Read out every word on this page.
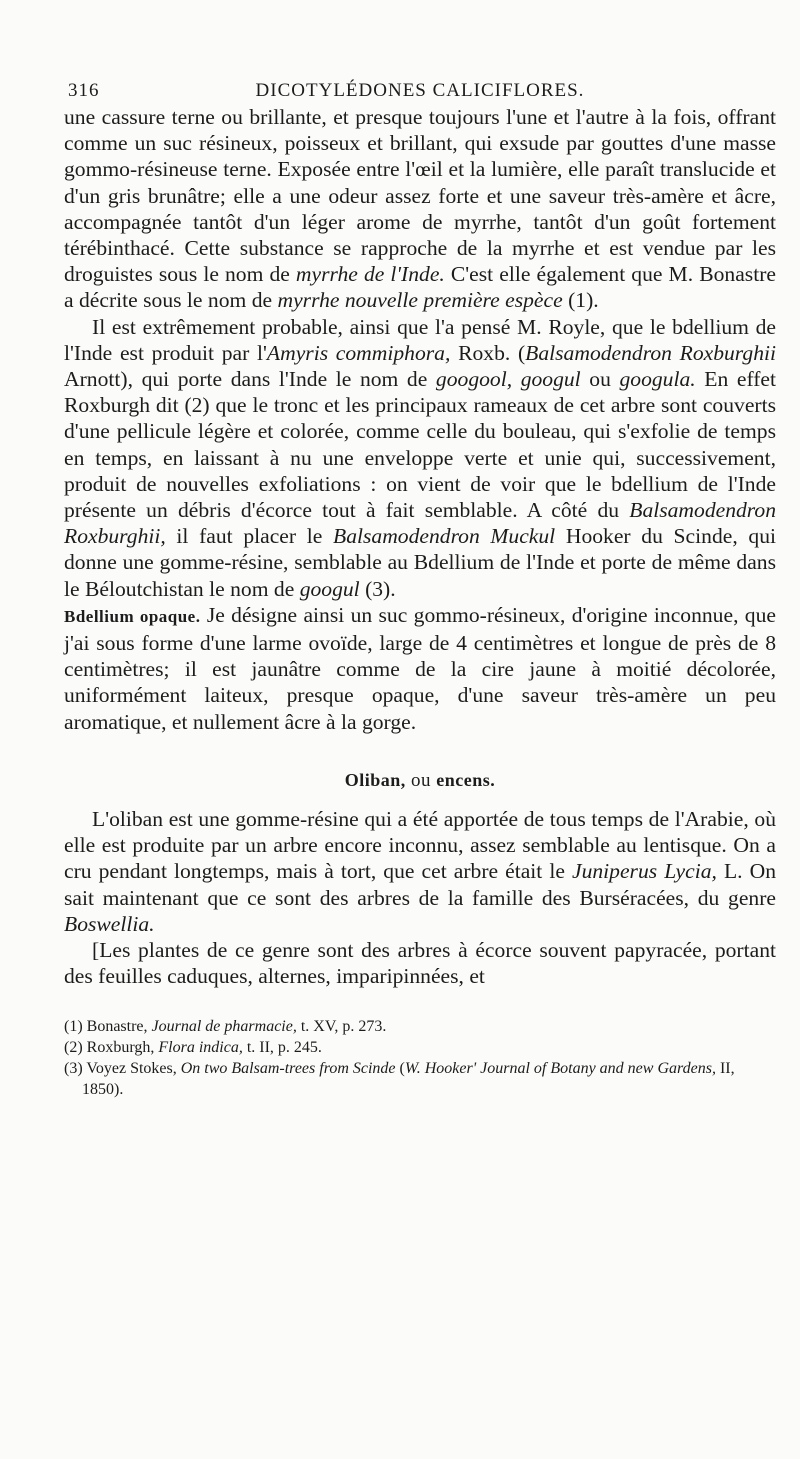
316	DICOTYLÉDONES CALICIFLORES.

une cassure terne ou brillante, et presque toujours l'une et l'autre à la fois, offrant comme un suc résineux, poisseux et brillant, qui exsude par gouttes d'une masse gommo-résineuse terne. Exposée entre l'œil et la lumière, elle paraît translucide et d'un gris brunâtre; elle a une odeur assez forte et une saveur très-amère et âcre, accompagnée tantôt d'un léger arome de myrrhe, tantôt d'un goût fortement térébinthacé. Cette substance se rapproche de la myrrhe et est vendue par les droguistes sous le nom de myrrhe de l'Inde. C'est elle également que M. Bonastre a décrite sous le nom de myrrhe nouvelle première espèce (1).

Il est extrêmement probable, ainsi que l'a pensé M. Royle, que le bdellium de l'Inde est produit par l'Amyris commiphora, Roxb. (Balsamodendron Roxburghii Arnott), qui porte dans l'Inde le nom de googool, googul ou googula. En effet Roxburgh dit (2) que le tronc et les principaux rameaux de cet arbre sont couverts d'une pellicule légère et colorée, comme celle du bouleau, qui s'exfolie de temps en temps, en laissant à nu une enveloppe verte et unie qui, successivement, produit de nouvelles exfoliations : on vient de voir que le bdellium de l'Inde présente un débris d'écorce tout à fait semblable. A côté du Balsamodendron Roxburghii, il faut placer le Balsamodendron Muckul Hooker du Scinde, qui donne une gomme-résine, semblable au Bdellium de l'Inde et porte de même dans le Béloutchistan le nom de googul (3).

Bdellium opaque. Je désigne ainsi un suc gommo-résineux, d'origine inconnue, que j'ai sous forme d'une larme ovoïde, large de 4 centimètres et longue de près de 8 centimètres; il est jaunâtre comme de la cire jaune à moitié décolorée, uniformément laiteux, presque opaque, d'une saveur très-amère un peu aromatique, et nullement âcre à la gorge.

Oliban, ou encens.

L'oliban est une gomme-résine qui a été apportée de tous temps de l'Arabie, où elle est produite par un arbre encore inconnu, assez semblable au lentisque. On a cru pendant longtemps, mais à tort, que cet arbre était le Juniperus Lycia, L. On sait maintenant que ce sont des arbres de la famille des Burséracées, du genre Boswellia.

[Les plantes de ce genre sont des arbres à écorce souvent papyracée, portant des feuilles caduques, alternes, imparipinnées, et

(1) Bonastre, Journal de pharmacie, t. XV, p. 273.

(2) Roxburgh, Flora indica, t. II, p. 245.

(3) Voyez Stokes, On two Balsam-trees from Scinde (W. Hooker' Journal of Botany and new Gardens, II, 1850).
